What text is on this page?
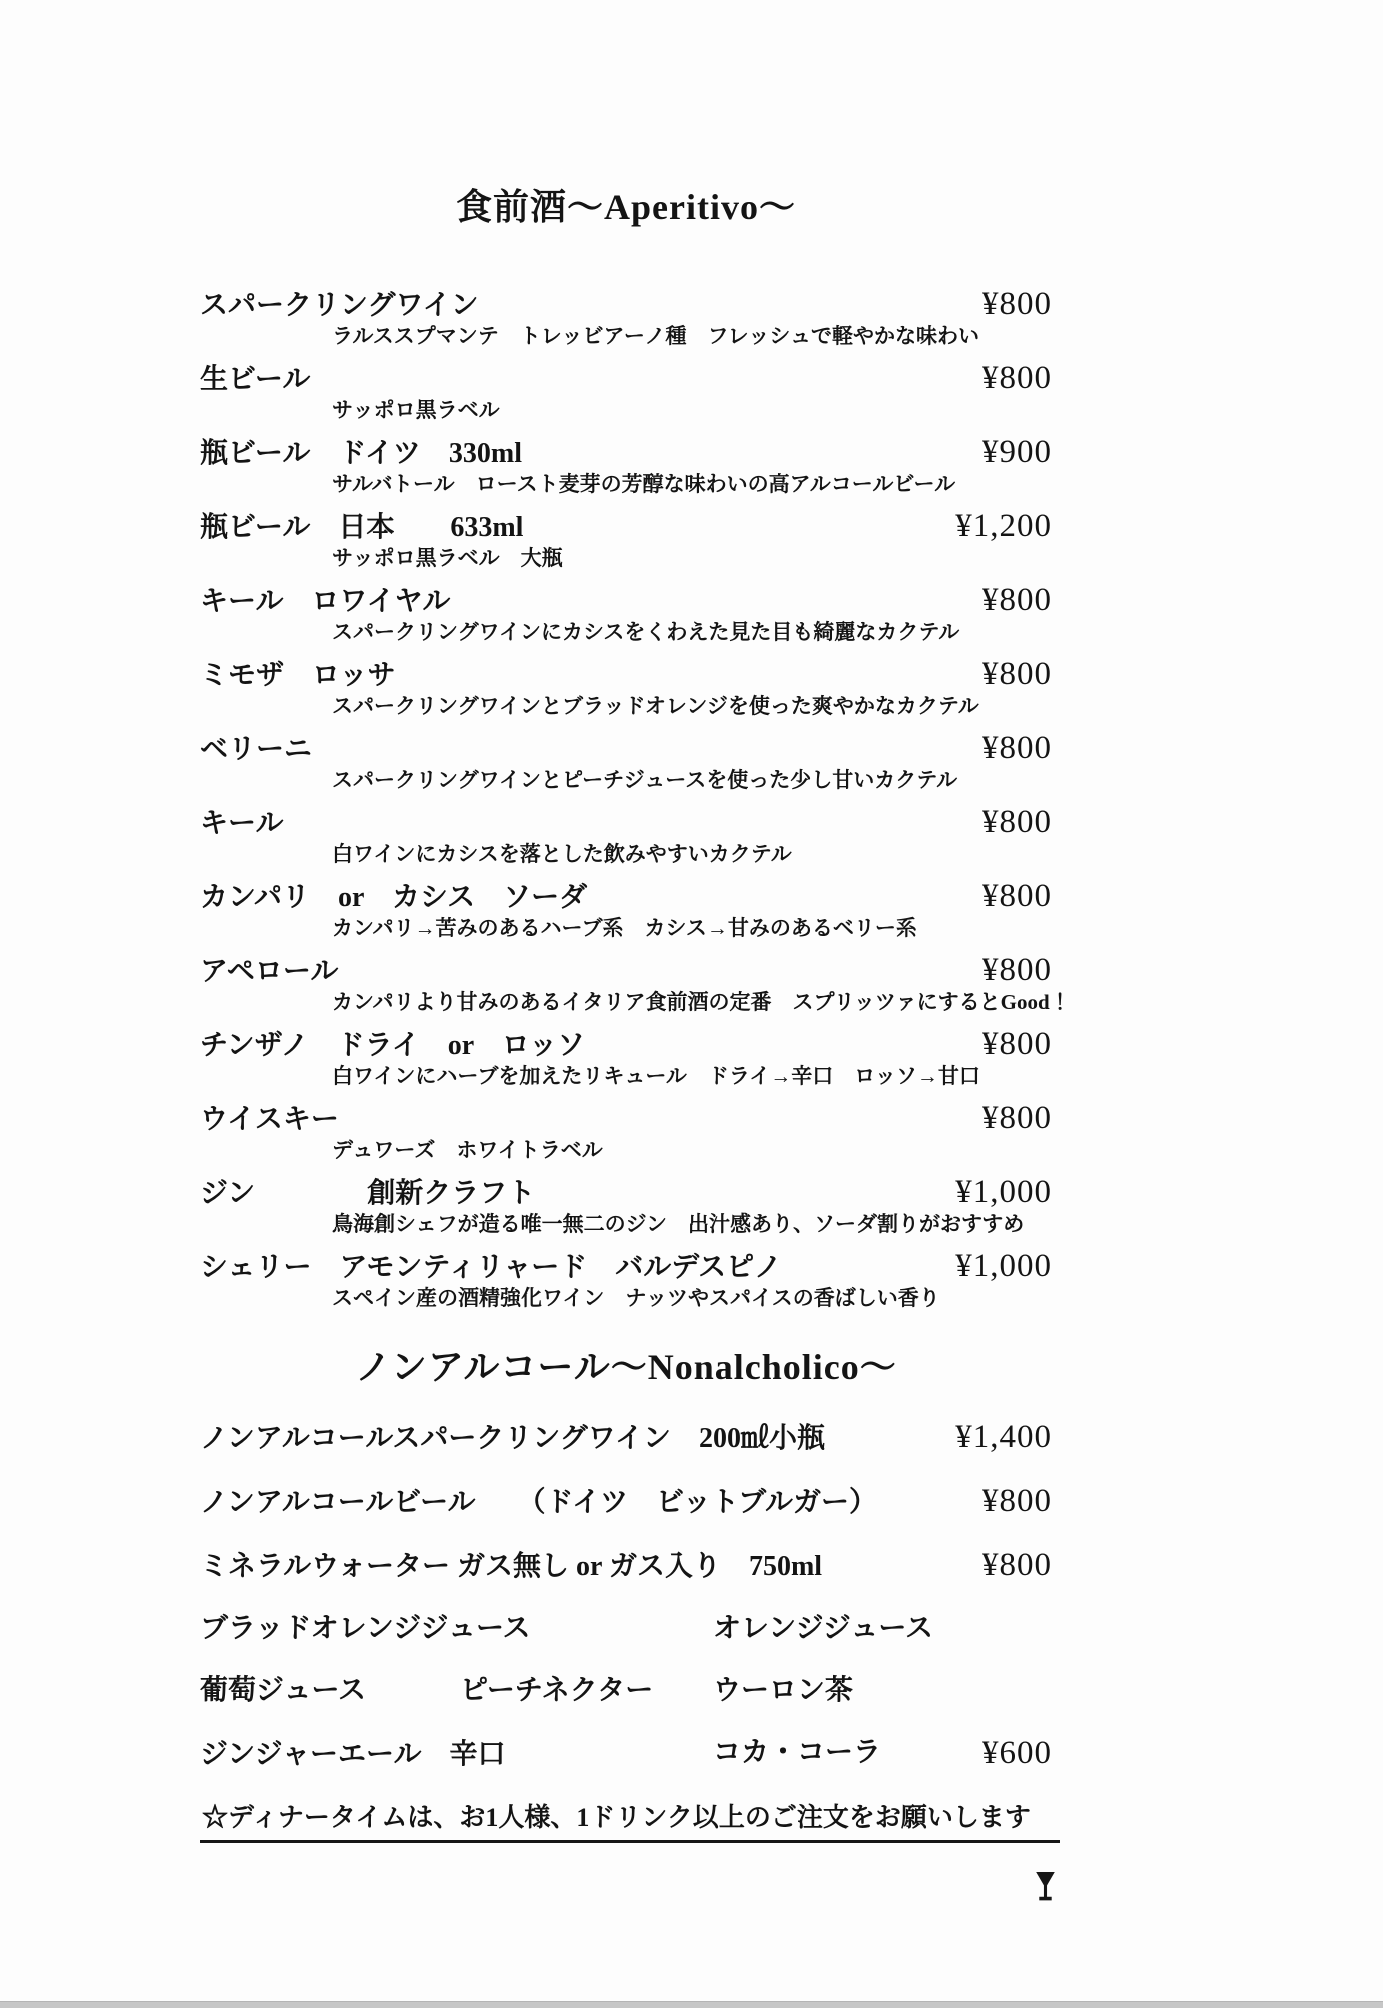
食前酒～Aperitivo～
スパークリングワイン	¥800
ラルススプマンテ　トレッビアーノ種　フレッシュで軽やかな味わい
生ビール	¥800
サッポロ黒ラベル
瓶ビール　ドイツ　330ml	¥900
サルバトール　ロースト麦芽の芳醇な味わいの高アルコールビール
瓶ビール　日本　　633ml	¥1,200
サッポロ黒ラベル　大瓶
キール　ロワイヤル	¥800
スパークリングワインにカシスをくわえた見た目も綺麗なカクテル
ミモザ　ロッサ	¥800
スパークリングワインとブラッドオレンジを使った爽やかなカクテル
ベリーニ	¥800
スパークリングワインとピーチジュースを使った少し甘いカクテル
キール	¥800
白ワインにカシスを落とした飲みやすいカクテル
カンパリ　or　カシス　ソーダ	¥800
カンパリ→苦みのあるハーブ系　カシス→甘みのあるベリー系
アペロール	¥800
カンパリより甘みのあるイタリア食前酒の定番　スプリッツァにするとGood！
チンザノ　ドライ　or　ロッソ	¥800
白ワインにハーブを加えたリキュール　ドライ→辛口　ロッソ→甘口
ウイスキー	¥800
デュワーズ　ホワイトラベル
ジン　　　　創新クラフト	¥1,000
鳥海創シェフが造る唯一無二のジン　出汁感あり、ソーダ割りがおすすめ
シェリー　アモンティリャード　バルデスピノ	¥1,000
スペイン産の酒精強化ワイン　ナッツやスパイスの香ばしい香り
ノンアルコール～Nonalcholico～
ノンアルコールスパークリングワイン　200㎖小瓶	¥1,400
ノンアルコールビール　　（ドイツ　ビットブルガー）	¥800
ミネラルウォーター ガス無し or ガス入り　750ml	¥800
ブラッドオレンジジュース	オレンジジュース
葡萄ジュース	ピーチネクター ウーロン茶
ジンジャーエール　辛口	コカ・コーラ	¥600
☆ディナータイムは、お1人様、1ドリンク以上のご注文をお願いします
